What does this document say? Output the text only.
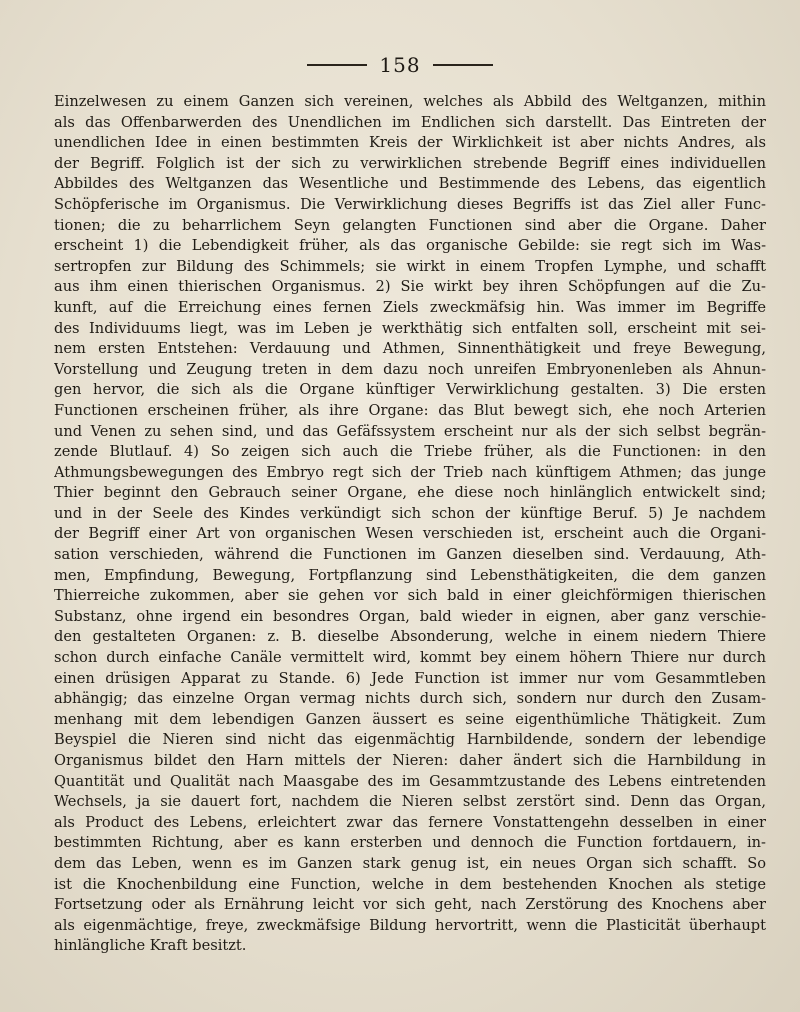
158
Einzelwesen zu einem Ganzen sich vereinen, welches als Abbild des Weltganzen, mithin
als das Offenbarwerden des Unendlichen im Endlichen sich darstellt. Das Eintreten der
unendlichen Idee in einen bestimmten Kreis der Wirklichkeit ist aber nichts Andres, als
der Begriff. Folglich ist der sich zu verwirklichen strebende Begriff eines individuellen
Abbildes des Weltganzen das Wesentliche und Bestimmende des Lebens, das eigentlich
Schöpferische im Organismus. Die Verwirklichung dieses Begriffs ist das Ziel aller Func-
tionen; die zu beharrlichem Seyn gelangten Functionen sind aber die Organe. Daher
erscheint 1) die Lebendigkeit früher, als das organische Gebilde: sie regt sich im Was-
sertropfen zur Bildung des Schimmels; sie wirkt in einem Tropfen Lymphe, und schafft
aus ihm einen thierischen Organismus. 2) Sie wirkt bey ihren Schöpfungen auf die Zu-
kunft, auf die Erreichung eines fernen Ziels zweckmäfsig hin. Was immer im Begriffe
des Individuums liegt, was im Leben je werkthätig sich entfalten soll, erscheint mit sei-
nem ersten Entstehen: Verdauung und Athmen, Sinnenthätigkeit und freye Bewegung,
Vorstellung und Zeugung treten in dem dazu noch unreifen Embryonenleben als Ahnun-
gen hervor, die sich als die Organe künftiger Verwirklichung gestalten. 3) Die ersten
Functionen erscheinen früher, als ihre Organe: das Blut bewegt sich, ehe noch Arterien
und Venen zu sehen sind, und das Gefäfssystem erscheint nur als der sich selbst begrän-
zende Blutlauf. 4) So zeigen sich auch die Triebe früher, als die Functionen: in den
Athmungsbewegungen des Embryo regt sich der Trieb nach künftigem Athmen; das junge
Thier beginnt den Gebrauch seiner Organe, ehe diese noch hinlänglich entwickelt sind;
und in der Seele des Kindes verkündigt sich schon der künftige Beruf. 5) Je nachdem
der Begriff einer Art von organischen Wesen verschieden ist, erscheint auch die Organi-
sation verschieden, während die Functionen im Ganzen dieselben sind. Verdauung, Ath-
men, Empfindung, Bewegung, Fortpflanzung sind Lebensthätigkeiten, die dem ganzen
Thierreiche zukommen, aber sie gehen vor sich bald in einer gleichförmigen thierischen
Substanz, ohne irgend ein besondres Organ, bald wieder in eignen, aber ganz verschie-
den gestalteten Organen: z. B. dieselbe Absonderung, welche in einem niedern Thiere
schon durch einfache Canäle vermittelt wird, kommt bey einem höhern Thiere nur durch
einen drüsigen Apparat zu Stande. 6) Jede Function ist immer nur vom Gesammtleben
abhängig; das einzelne Organ vermag nichts durch sich, sondern nur durch den Zusam-
menhang mit dem lebendigen Ganzen äussert es seine eigenthümliche Thätigkeit. Zum
Beyspiel die Nieren sind nicht das eigenmächtig Harnbildende, sondern der lebendige
Organismus bildet den Harn mittels der Nieren: daher ändert sich die Harnbildung in
Quantität und Qualität nach Maasgabe des im Gesammtzustande des Lebens eintretenden
Wechsels, ja sie dauert fort, nachdem die Nieren selbst zerstört sind. Denn das Organ,
als Product des Lebens, erleichtert zwar das fernere Vonstattengehn desselben in einer
bestimmten Richtung, aber es kann ersterben und dennoch die Function fortdauern, in-
dem das Leben, wenn es im Ganzen stark genug ist, ein neues Organ sich schafft. So
ist die Knochenbildung eine Function, welche in dem bestehenden Knochen als stetige
Fortsetzung oder als Ernährung leicht vor sich geht, nach Zerstörung des Knochens aber
als eigenmächtige, freye, zweckmäfsige Bildung hervortritt, wenn die Plasticität überhaupt
hinlängliche Kraft besitzt.
